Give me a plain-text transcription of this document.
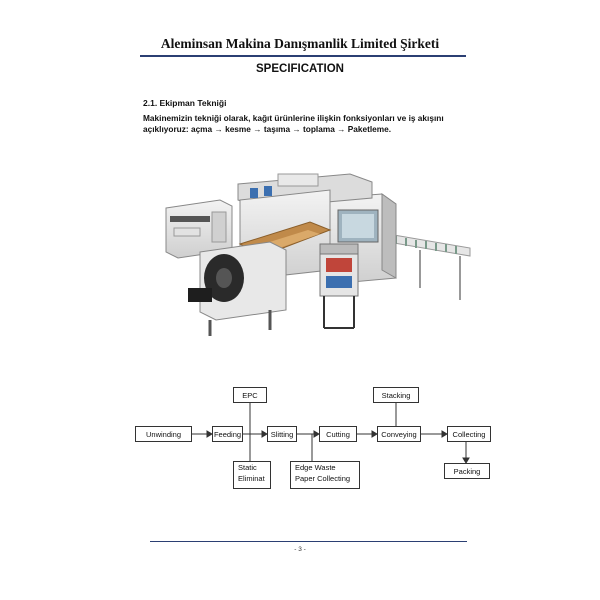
Aleminsan Makina Danışmanlik Limited Şirketi
SPECIFICATION
2.1. Ekipman Tekniği
Makinemizin tekniği olarak, kağıt ürünlerine ilişkin fonksiyonları ve iş akışını
açıklıyoruz: açma → kesme → taşıma → toplama → Paketleme.
Unwinding	Feeding	Slitting	Cutting	Conveying	Collecting
EPC	Stacking
Static
Eliminat
Edge Waste
Paper Collecting
Packing
- 3 -
